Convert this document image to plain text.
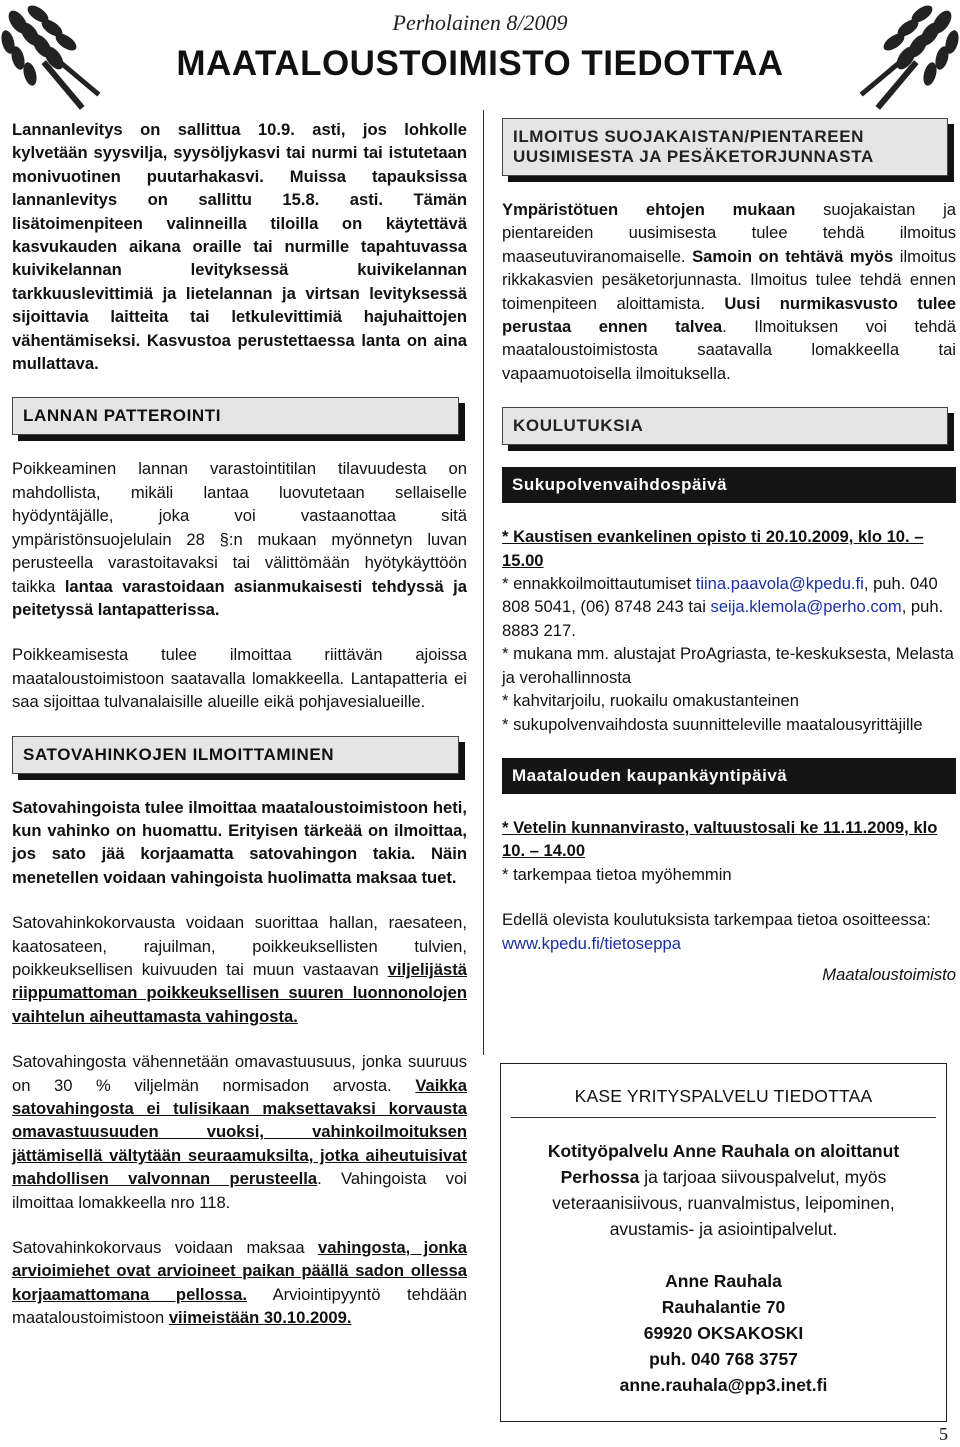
Perholainen 8/2009
MAATALOUSTOIMISTO TIEDOTTAA

Lannanlevitys on sallittua 10.9. asti, jos lohkolle kylvetään syysvilja, syysöljykasvi tai nurmi tai istutetaan monivuotinen puutarhakasvi. Muissa tapauksissa lannanlevitys on sallittu 15.8. asti. Tämän lisätoimenpiteen valinneilla tiloilla on käytettävä kasvukauden aikana oraille tai nurmille tapahtuvassa kuivikelannan levityksessä kuivikelannan tarkkuuslevittimiä ja lietelannan ja virtsan levityksessä sijoittavia laitteita tai letkulevittimiä hajuhaittojen vähentämiseksi. Kasvustoa perustettaessa lanta on aina mullattava.

LANNAN PATTEROINTI

Poikkeaminen lannan varastointitilan tilavuudesta on mahdollista, mikäli lantaa luovutetaan sellaiselle hyödyntäjälle, joka voi vastaanottaa sitä ympäristönsuojelulain 28 §:n mukaan myönnetyn luvan perusteella varastoitavaksi tai välittömään hyötykäyttöön taikka lantaa varastoidaan asianmukaisesti tehdyssä ja peitetyssä lantapatterissa.

Poikkeamisesta tulee ilmoittaa riittävän ajoissa maataloustoimistoon saatavalla lomakkeella. Lantapatteria ei saa sijoittaa tulvanalaisille alueille eikä pohjavesialueille.

SATOVAHINKOJEN ILMOITTAMINEN

Satovahingoista tulee ilmoittaa maataloustoimistoon heti, kun vahinko on huomattu. Erityisen tärkeää on ilmoittaa, jos sato jää korjaamatta satovahingon takia. Näin menetellen voidaan vahingoista huolimatta maksaa tuet.

Satovahinkokorvausta voidaan suorittaa hallan, raesateen, kaatosateen, rajuilman, poikkeuksellisten tulvien, poikkeuksellisen kuivuuden tai muun vastaavan viljelijästä riippumattoman poikkeuksellisen suuren luonnonolojen vaihtelun aiheuttamasta vahingosta.

Satovahingosta vähennetään omavastuusuus, jonka suuruus on 30 % viljelmän normisadon arvosta. Vaikka satovahingosta ei tulisikaan maksettavaksi korvausta omavastuusuuden vuoksi, vahinkoilmoituksen jättämisellä vältytään seuraamuksilta, jotka aiheutuisivat mahdollisen valvonnan perusteella. Vahingoista voi ilmoittaa lomakkeella nro 118.

Satovahinkokorvaus voidaan maksaa vahingosta, jonka arvioimiehet ovat arvioineet paikan päällä sadon ollessa korjaamattomana pellossa. Arviointipyyntö tehdään maataloustoimistoon viimeistään 30.10.2009.

ILMOITUS SUOJAKAISTAN/PIENTAREEN UUSIMISESTA JA PESÄKETORJUNNASTA

Ympäristötuen ehtojen mukaan suojakaistan ja pientareiden uusimisesta tulee tehdä ilmoitus maaseutuviranomaiselle. Samoin on tehtävä myös ilmoitus rikkakasvien pesäketorjunnasta. Ilmoitus tulee tehdä ennen toimenpiteen aloittamista. Uusi nurmikasvusto tulee perustaa ennen talvea. Ilmoituksen voi tehdä maataloustoimistosta saatavalla lomakkeella tai vapaamuotoisella ilmoituksella.

KOULUTUKSIA
Sukupolvenvaihdospäivä

* Kaustisen evankelinen opisto ti 20.10.2009, klo 10. – 15.00
* ennakkoilmoittautumiset tiina.paavola@kpedu.fi, puh. 040 808 5041, (06) 8748 243 tai seija.klemola@perho.com, puh. 8883 217.
* mukana mm. alustajat ProAgriasta, te-keskuksesta, Melasta ja verohallinnosta
* kahvitarjoilu, ruokailu omakustanteinen
* sukupolvenvaihdosta suunnitteleville maatalousyrittäjille

Maatalouden kaupankäyntipäivä

* Vetelin kunnanvirasto, valtuustosali ke 11.11.2009, klo 10. – 14.00
* tarkempaa tietoa myöhemmin

Edellä olevista koulutuksista tarkempaa tietoa osoitteessa: www.kpedu.fi/tietoseppa

Maataloustoimisto
KASE YRITYSPALVELU TIEDOTTAA
Kotityöpalvelu Anne Rauhala on aloittanut Perhossa ja tarjoaa siivouspalvelut, myös veteraanisiivous, ruanvalmistus, leipominen, avustamis- ja asiointipalvelut.
Anne Rauhala
Rauhalantie 70
69920 OKSAKOSKI
puh. 040 768 3757
anne.rauhala@pp3.inet.fi
5
